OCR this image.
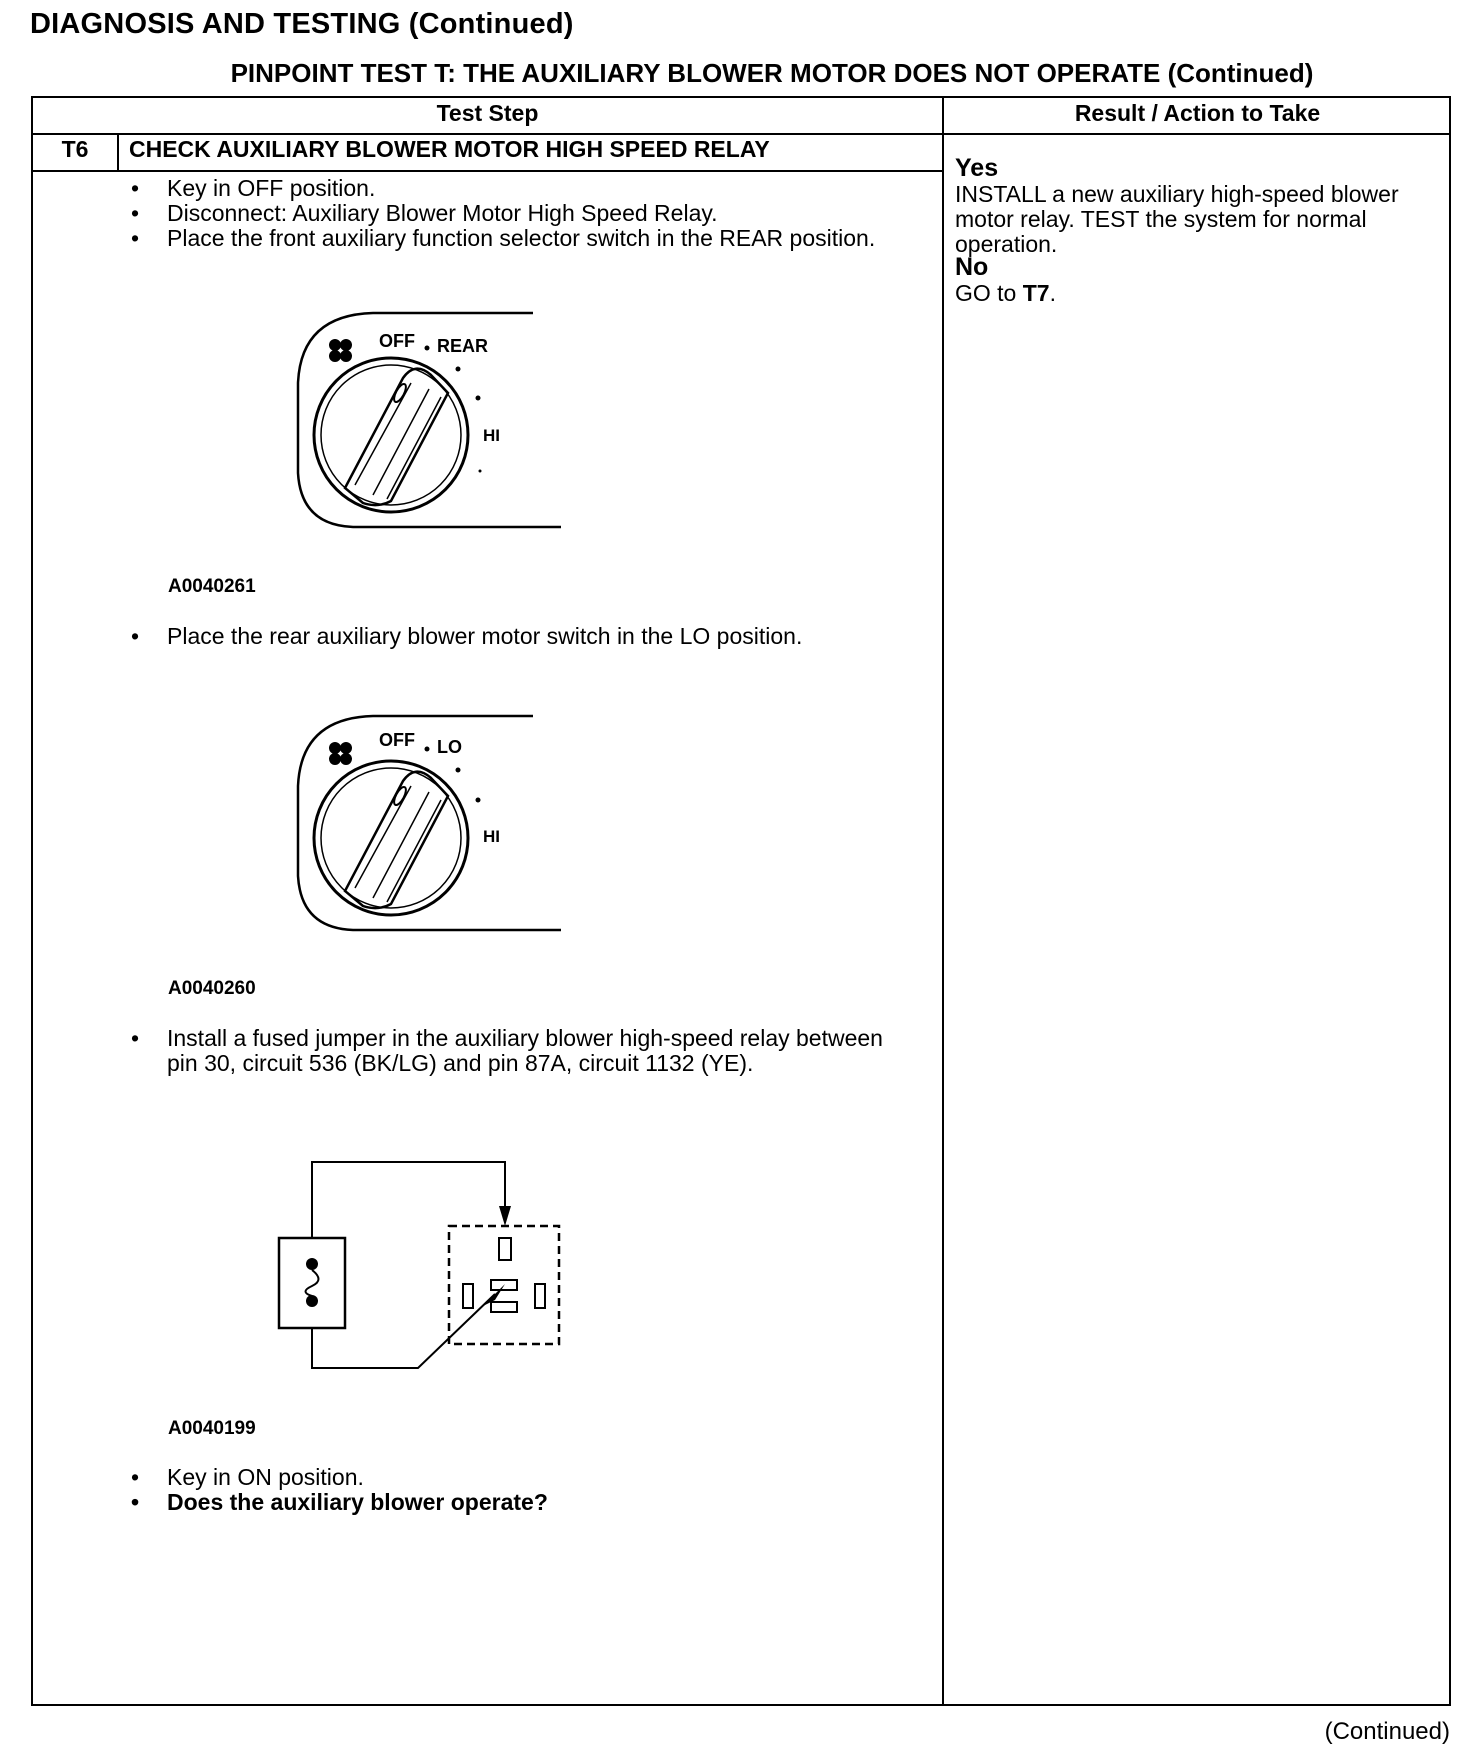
DIAGNOSIS AND TESTING (Continued)
PINPOINT TEST T: THE AUXILIARY BLOWER MOTOR DOES NOT OPERATE (Continued)
Test Step	Result / Action to Take
T6	CHECK AUXILIARY BLOWER MOTOR HIGH SPEED RELAY
• Key in OFF position.
• Disconnect: Auxiliary Blower Motor High Speed Relay.
• Place the front auxiliary function selector switch in the REAR position.
OFF REAR
HI
A0040261
• Place the rear auxiliary blower motor switch in the LO position.
OFF LO
HI
A0040260
• Install a fused jumper in the auxiliary blower high-speed relay between pin 30, circuit 536 (BK/LG) and pin 87A, circuit 1132 (YE).
A0040199
• Key in ON position.
• Does the auxiliary blower operate?
Yes
INSTALL a new auxiliary high-speed blower motor relay. TEST the system for normal operation.
No
GO to T7.
(Continued)
